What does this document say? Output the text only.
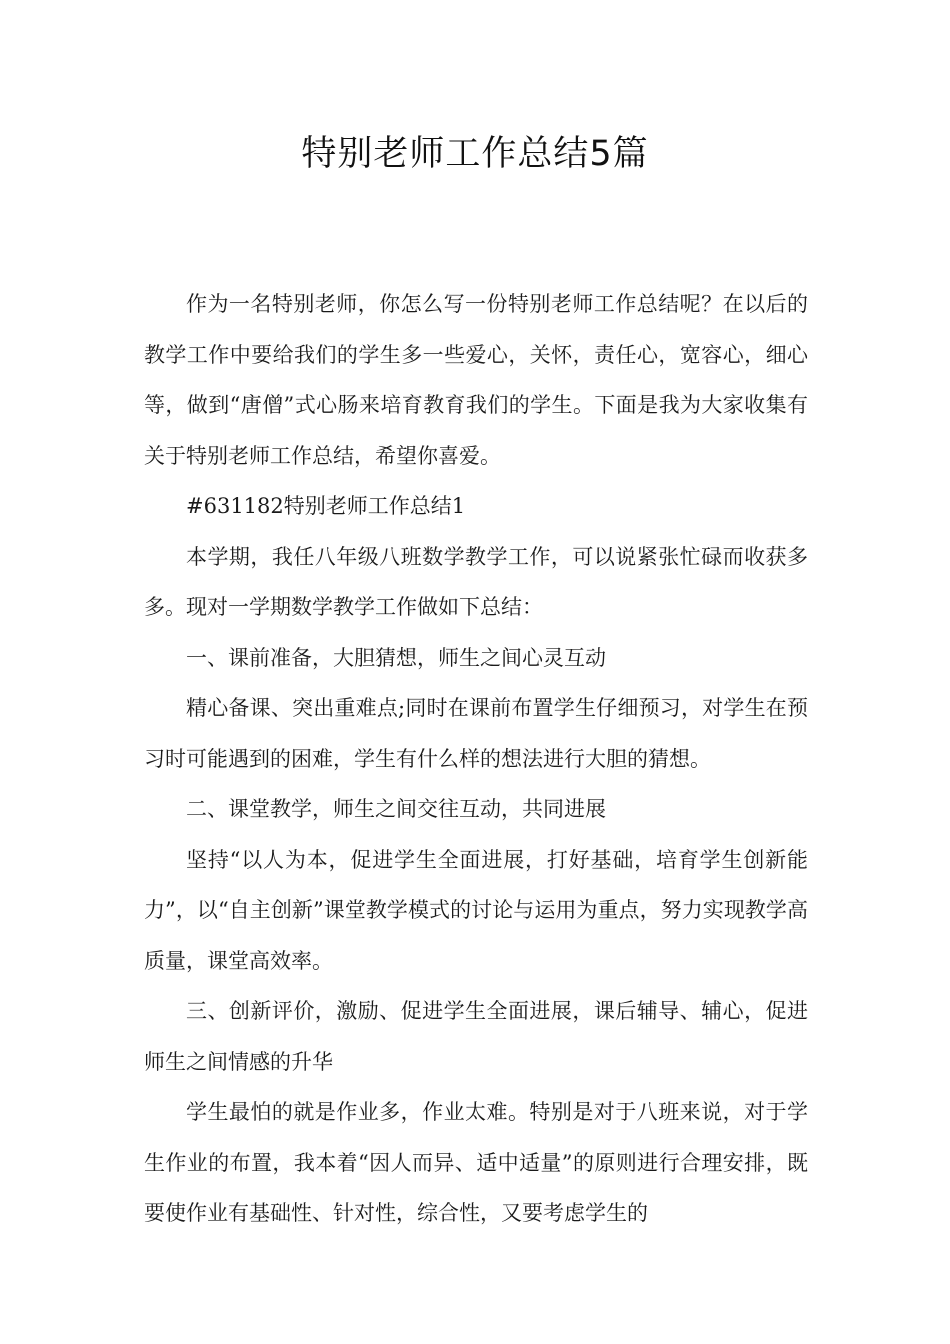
特别老师工作总结5篇

作为一名特别老师，你怎么写一份特别老师工作总结呢？在以后的教学工作中要给我们的学生多一些爱心，关怀，责任心，宽容心，细心等，做到“唐僧”式心肠来培育教育我们的学生。下面是我为大家收集有关于特别老师工作总结，希望你喜爱。

#631182特别老师工作总结1

本学期，我任八年级八班数学教学工作，可以说紧张忙碌而收获多多。现对一学期数学教学工作做如下总结：

一、课前准备，大胆猜想，师生之间心灵互动

精心备课、突出重难点;同时在课前布置学生仔细预习，对学生在预习时可能遇到的困难，学生有什么样的想法进行大胆的猜想。

二、课堂教学，师生之间交往互动，共同进展

坚持“以人为本，促进学生全面进展，打好基础，培育学生创新能力”，以“自主创新”课堂教学模式的讨论与运用为重点，努力实现教学高质量，课堂高效率。

三、创新评价，激励、促进学生全面进展，课后辅导、辅心，促进师生之间情感的升华

学生最怕的就是作业多，作业太难。特别是对于八班来说，对于学生作业的布置，我本着“因人而异、适中适量”的原则进行合理安排，既要使作业有基础性、针对性，综合性，又要考虑学生的
